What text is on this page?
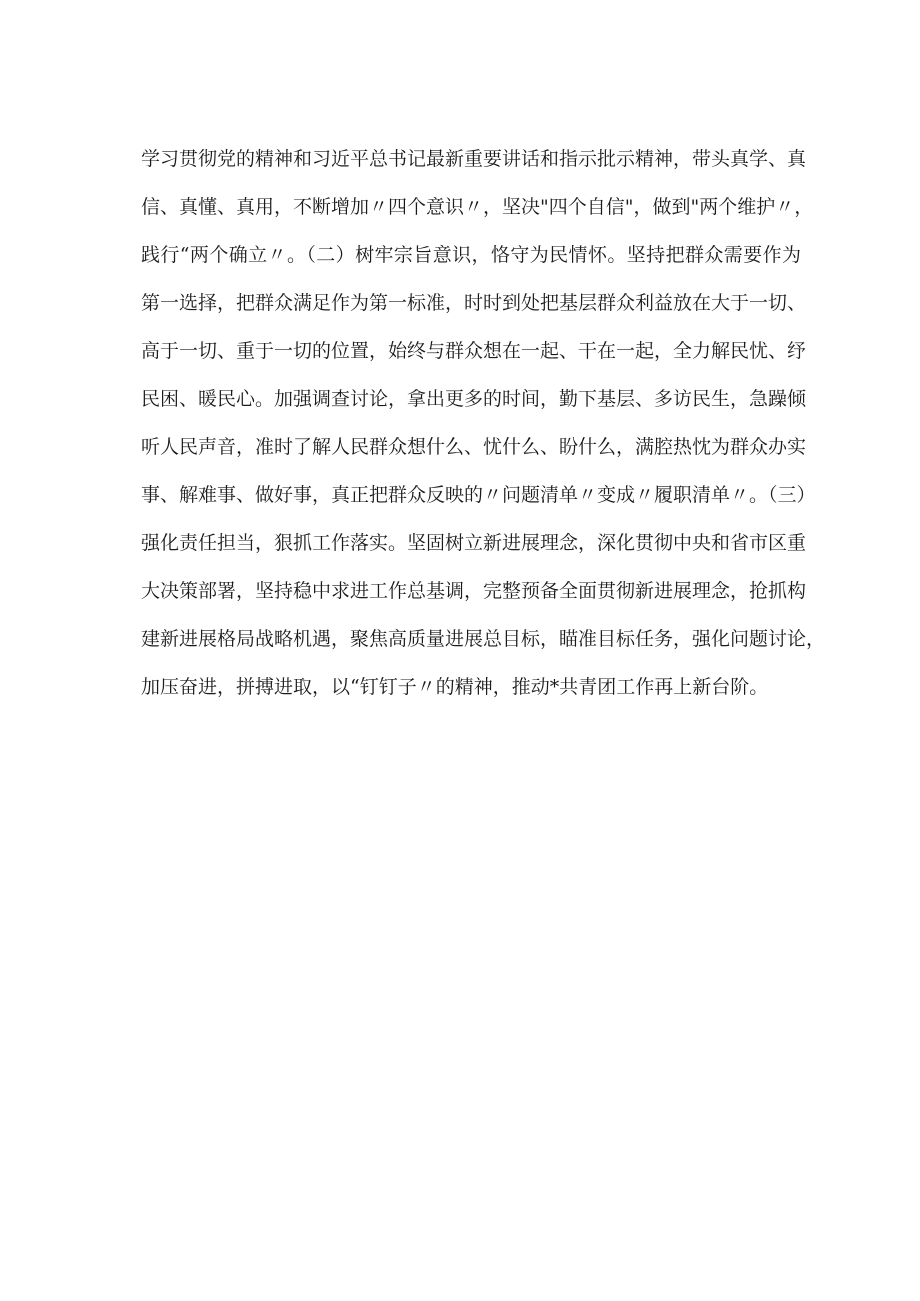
学习贯彻党的精神和习近平总书记最新重要讲话和指示批示精神，带头真学、真
信、真懂、真用，不断增加〃四个意识〃，坚决"四个自信"，做到"两个维护〃，
践行“两个确立〃。（二）树牢宗旨意识，恪守为民情怀。坚持把群众需要作为
第一选择，把群众满足作为第一标准，时时到处把基层群众利益放在大于一切、
高于一切、重于一切的位置，始终与群众想在一起、干在一起，全力解民忧、纾
民困、暖民心。加强调查讨论，拿出更多的时间，勤下基层、多访民生，急躁倾
听人民声音，准时了解人民群众想什么、忧什么、盼什么，满腔热忱为群众办实
事、解难事、做好事，真正把群众反映的〃问题清单〃变成〃履职清单〃。（三）
强化责任担当，狠抓工作落实。坚固树立新进展理念，深化贯彻中央和省市区重
大决策部署，坚持稳中求进工作总基调，完整预备全面贯彻新进展理念，抢抓构
建新进展格局战略机遇，聚焦高质量进展总目标，瞄准目标任务，强化问题讨论，
加压奋进，拼搏进取，以“钉钉子〃的精神，推动*共青团工作再上新台阶。
